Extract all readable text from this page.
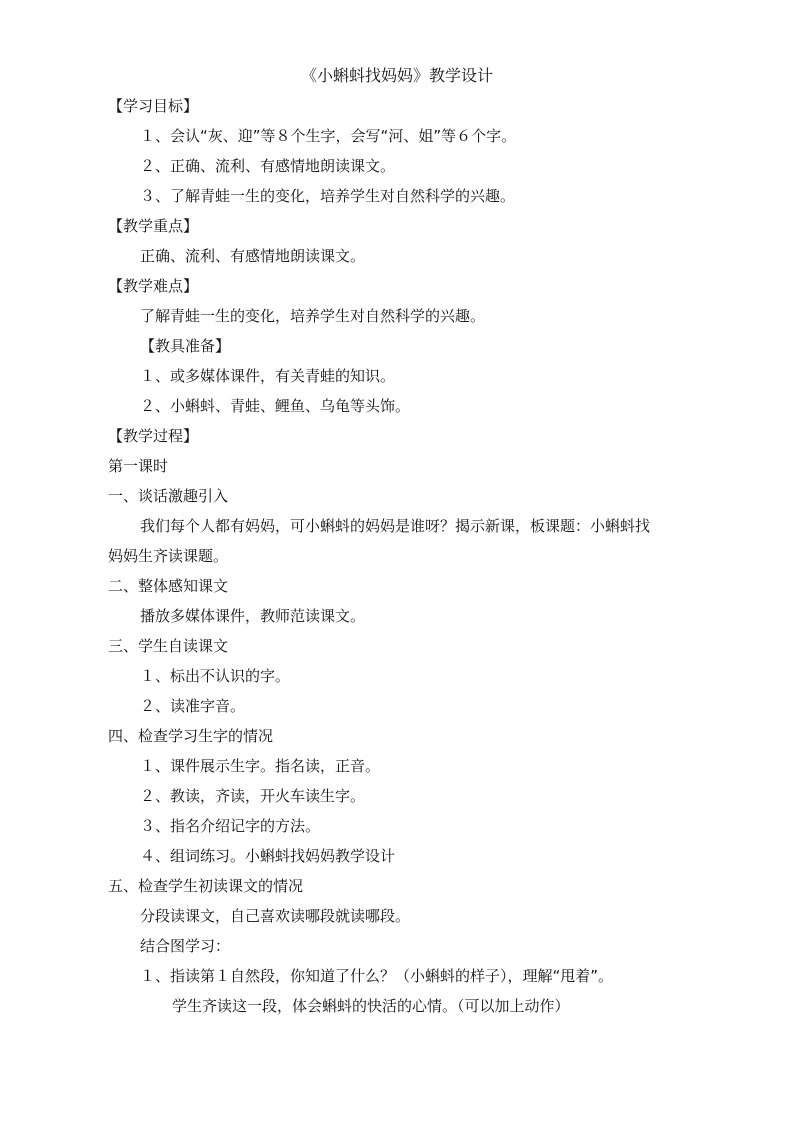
《小蝌蚪找妈妈》教学设计
【学习目标】
１、会认“灰、迎”等８个生字，会写“河、姐”等６个字。
２、正确、流利、有感情地朗读课文。
３、了解青蛙一生的变化，培养学生对自然科学的兴趣。
【教学重点】
正确、流利、有感情地朗读课文。
【教学难点】
了解青蛙一生的变化，培养学生对自然科学的兴趣。
【教具准备】
１、或多媒体课件，有关青蛙的知识。
２、小蝌蚪、青蛙、鲤鱼、乌龟等头饰。
【教学过程】
第一课时
一、谈话激趣引入
我们每个人都有妈妈，可小蝌蚪的妈妈是谁呀？揭示新课，板课题：小蝌蚪找
妈妈生齐读课题。
二、整体感知课文
播放多媒体课件，教师范读课文。
三、学生自读课文
１、标出不认识的字。
２、读准字音。
四、检查学习生字的情况
１、课件展示生字。指名读，正音。
２、教读，齐读，开火车读生字。
３、指名介绍记字的方法。
４、组词练习。小蝌蚪找妈妈教学设计
五、检查学生初读课文的情况
分段读课文，自己喜欢读哪段就读哪段。
结合图学习：
１、指读第１自然段，你知道了什么？（小蝌蚪的样子），理解“甩着”。
学生齐读这一段，体会蝌蚪的快活的心情。（可以加上动作）
